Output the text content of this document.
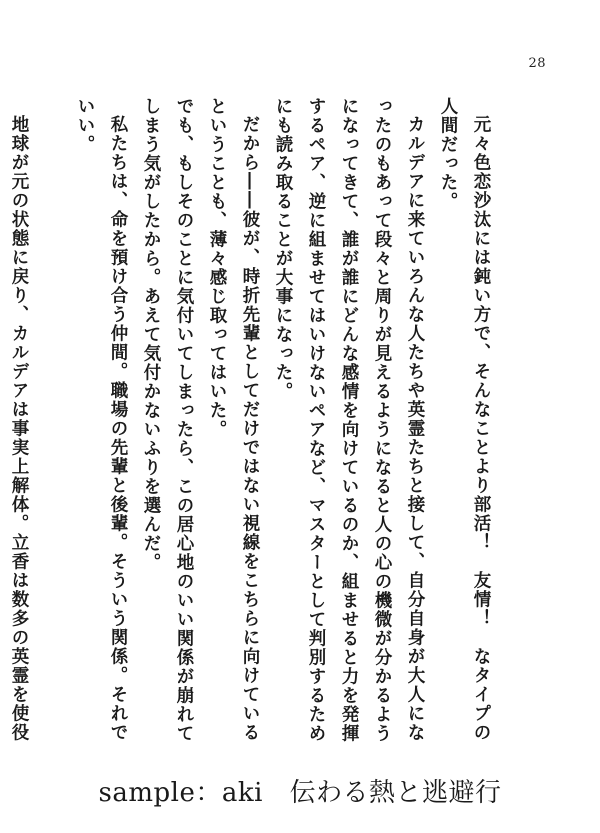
28

元々色恋沙汰には鈍い方で、そんなことより部活！　友情！　なタイプの人間だった。

カルデアに来ていろんな人たちや英霊たちと接して、自分自身が大人になったのもあって段々と周りが見えるようになると人の心の機微が分かるようになってきて、誰が誰にどんな感情を向けているのか、組ませると力を発揮するペア、逆に組ませてはいけないペアなど、マスターとして判別するためにも読み取ることが大事になった。

だから――彼が、時折先輩としてだけではない視線をこちらに向けているということも、薄々感じ取ってはいた。

でも、もしそのことに気付いてしまったら、この居心地のいい関係が崩れてしまう気がしたから。あえて気付かないふりを選んだ。

私たちは、命を預け合う仲間。職場の先輩と後輩。そういう関係。それでいい。

地球が元の状態に戻り、カルデアは事実上解体。立香は数多の英霊を使役

sample：aki　伝わる熱と逃避行
